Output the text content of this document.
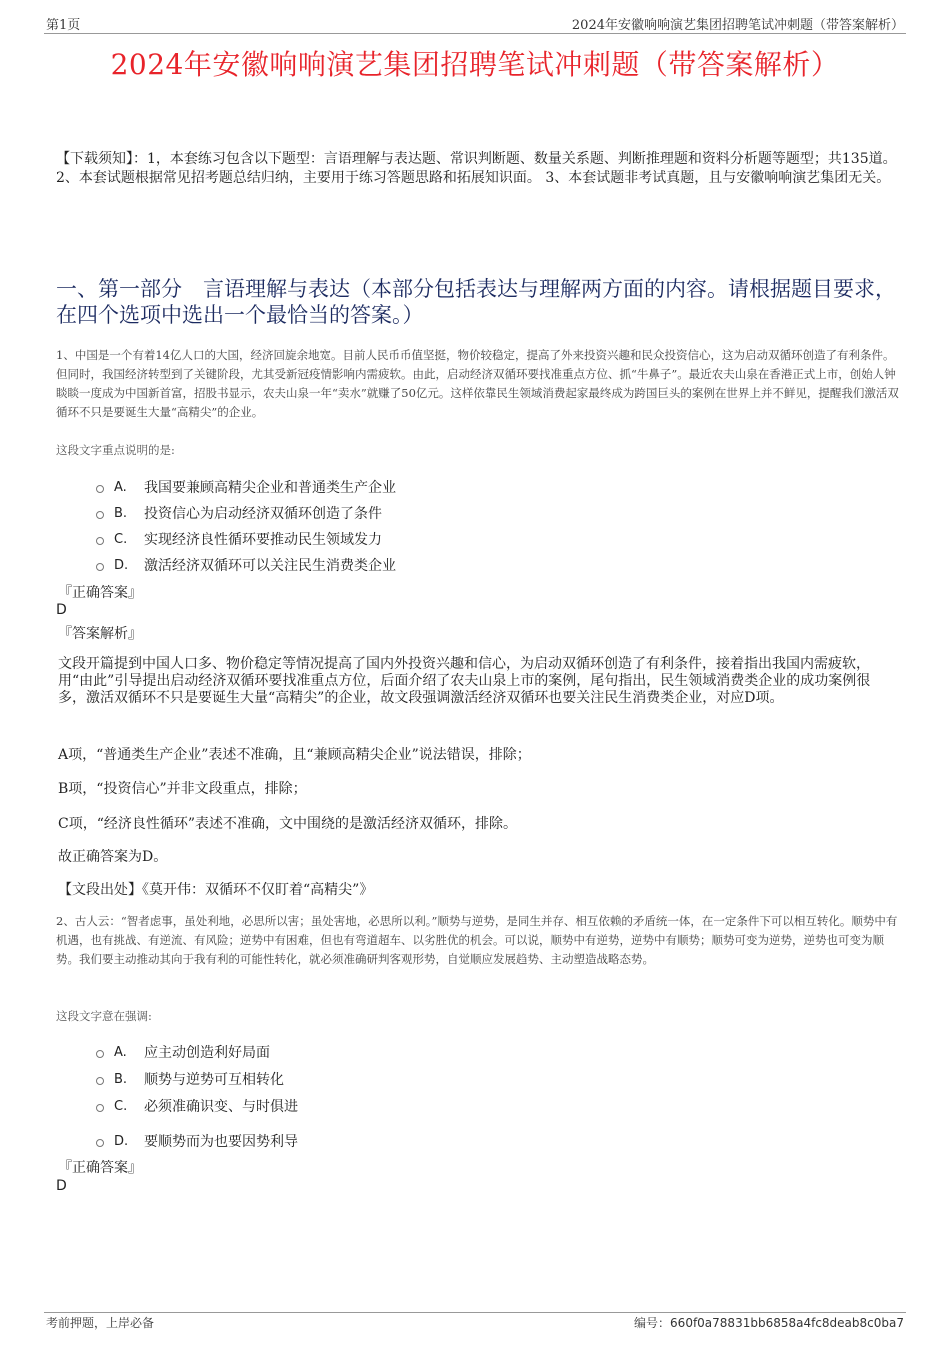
第1页	2024年安徽响响演艺集团招聘笔试冲刺题（带答案解析）
2024年安徽响响演艺集团招聘笔试冲刺题（带答案解析）
【下载须知】：1，本套练习包含以下题型：言语理解与表达题、常识判断题、数量关系题、判断推理题和资料分析题等题型；共135道。 2、本套试题根据常见招考题总结归纳，主要用于练习答题思路和拓展知识面。 3、本套试题非考试真题，且与安徽响响演艺集团无关。
一、第一部分　言语理解与表达（本部分包括表达与理解两方面的内容。请根据题目要求，在四个选项中选出一个最恰当的答案。）
1、中国是一个有着14亿人口的大国，经济回旋余地宽。目前人民币币值坚挺，物价较稳定，提高了外来投资兴趣和民众投资信心，这为启动双循环创造了有利条件。但同时，我国经济转型到了关键阶段，尤其受新冠疫情影响内需疲软。由此，启动经济双循环要找准重点方位、抓“牛鼻子”。最近农夫山泉在香港正式上市，创始人钟睒睒一度成为中国新首富，招股书显示，农夫山泉一年“卖水”就赚了50亿元。这样依靠民生领域消费起家最终成为跨国巨头的案例在世界上并不鲜见，提醒我们激活双循环不只是要诞生大量“高精尖”的企业。
这段文字重点说明的是:
A.	我国要兼顾高精尖企业和普通类生产企业
B.	投资信心为启动经济双循环创造了条件
C.	实现经济良性循环要推动民生领域发力
D.	激活经济双循环可以关注民生消费类企业
『正确答案』
D
『答案解析』
文段开篇提到中国人口多、物价稳定等情况提高了国内外投资兴趣和信心，为启动双循环创造了有利条件，接着指出我国内需疲软，用“由此”引导提出启动经济双循环要找准重点方位，后面介绍了农夫山泉上市的案例，尾句指出，民生领域消费类企业的成功案例很多，激活双循环不只是要诞生大量“高精尖”的企业，故文段强调激活经济双循环也要关注民生消费类企业，对应D项。
A项，“普通类生产企业”表述不准确，且“兼顾高精尖企业”说法错误，排除；
B项，“投资信心”并非文段重点，排除；
C项，“经济良性循环”表述不准确，文中围绕的是激活经济双循环，排除。
故正确答案为D。
【文段出处】《莫开伟：双循环不仅盯着“高精尖”》
2、古人云：“智者虑事，虽处利地，必思所以害；虽处害地，必思所以利。”顺势与逆势，是同生并存、相互依赖的矛盾统一体，在一定条件下可以相互转化。顺势中有机遇，也有挑战、有逆流、有风险；逆势中有困难，但也有弯道超车、以劣胜优的机会。可以说，顺势中有逆势，逆势中有顺势；顺势可变为逆势，逆势也可变为顺势。我们要主动推动其向于我有利的可能性转化，就必须准确研判客观形势，自觉顺应发展趋势、主动塑造战略态势。
这段文字意在强调:
A.	应主动创造利好局面
B.	顺势与逆势可互相转化
C.	必须准确识变、与时俱进
D.	要顺势而为也要因势利导
『正确答案』
D
考前押题，上岸必备	编号：660f0a78831bb6858a4fc8deab8c0ba7
